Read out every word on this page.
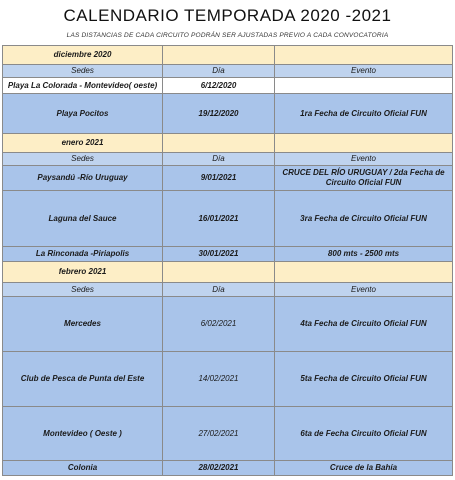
CALENDARIO TEMPORADA 2020 -2021
LAS DISTANCIAS DE CADA CIRCUITO PODRÁN SER AJUSTADAS PREVIO A CADA CONVOCATORIA
diciembre 2020		
Sedes	Día	Evento
Playa La Colorada - Montevideo( oeste)	6/12/2020	
Playa Pocitos	19/12/2020	1ra Fecha de Circuito Oficial FUN
enero 2021		
Sedes	Día	Evento
Paysandú -Río Uruguay	9/01/2021	CRUCE DEL RÍO URUGUAY / 2da Fecha de Circuito Oficial FUN
Laguna del Sauce	16/01/2021	3ra Fecha de Circuito Oficial FUN
La Rinconada -Piriapolis	30/01/2021	800 mts - 2500 mts
febrero 2021		
Sedes	Día	Evento
Mercedes	6/02/2021	4ta Fecha de Circuito Oficial FUN
Club de Pesca de Punta del Este	14/02/2021	5ta Fecha de Circuito Oficial FUN
Montevideo ( Oeste )	27/02/2021	6ta de Fecha Circuito Oficial FUN
Colonia	28/02/2021	Cruce de la Bahía
